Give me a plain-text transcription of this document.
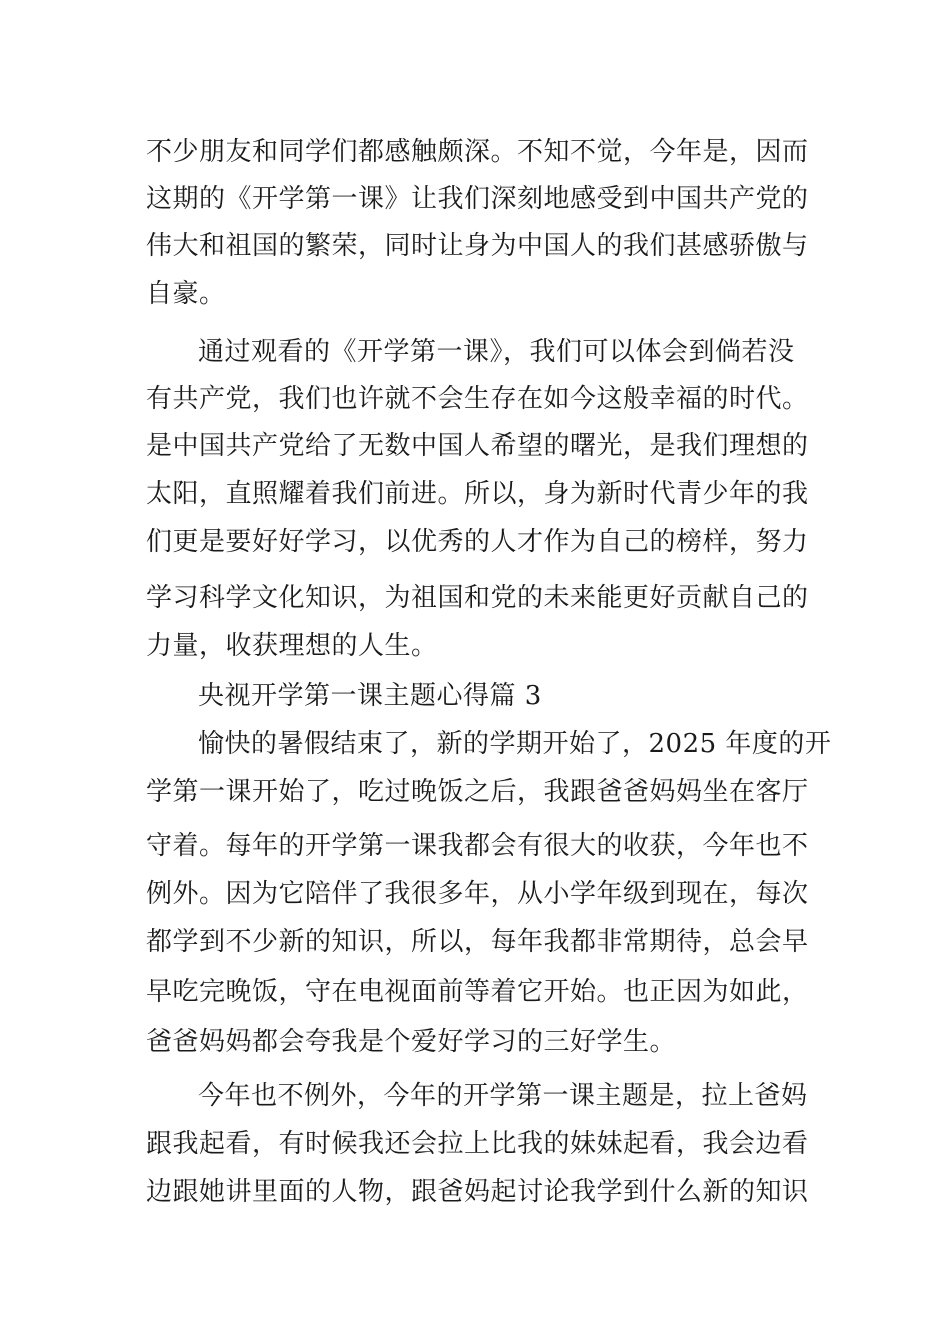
不少朋友和同学们都感触颇深。不知不觉，今年是，因而
这期的《开学第一课》让我们深刻地感受到中国共产党的
伟大和祖国的繁荣，同时让身为中国人的我们甚感骄傲与
自豪。
通过观看的《开学第一课》，我们可以体会到倘若没
有共产党，我们也许就不会生存在如今这般幸福的时代。
是中国共产党给了无数中国人希望的曙光，是我们理想的
太阳，直照耀着我们前进。所以，身为新时代青少年的我
们更是要好好学习，以优秀的人才作为自己的榜样，努力
学习科学文化知识，为祖国和党的未来能更好贡献自己的
力量，收获理想的人生。
央视开学第一课主题心得篇 3
愉快的暑假结束了，新的学期开始了，2025 年度的开
学第一课开始了，吃过晚饭之后，我跟爸爸妈妈坐在客厅
守着。每年的开学第一课我都会有很大的收获，今年也不
例外。因为它陪伴了我很多年，从小学年级到现在，每次
都学到不少新的知识，所以，每年我都非常期待，总会早
早吃完晚饭，守在电视面前等着它开始。也正因为如此，
爸爸妈妈都会夸我是个爱好学习的三好学生。
今年也不例外，今年的开学第一课主题是，拉上爸妈
跟我起看，有时候我还会拉上比我的妹妹起看，我会边看
边跟她讲里面的人物，跟爸妈起讨论我学到什么新的知识
